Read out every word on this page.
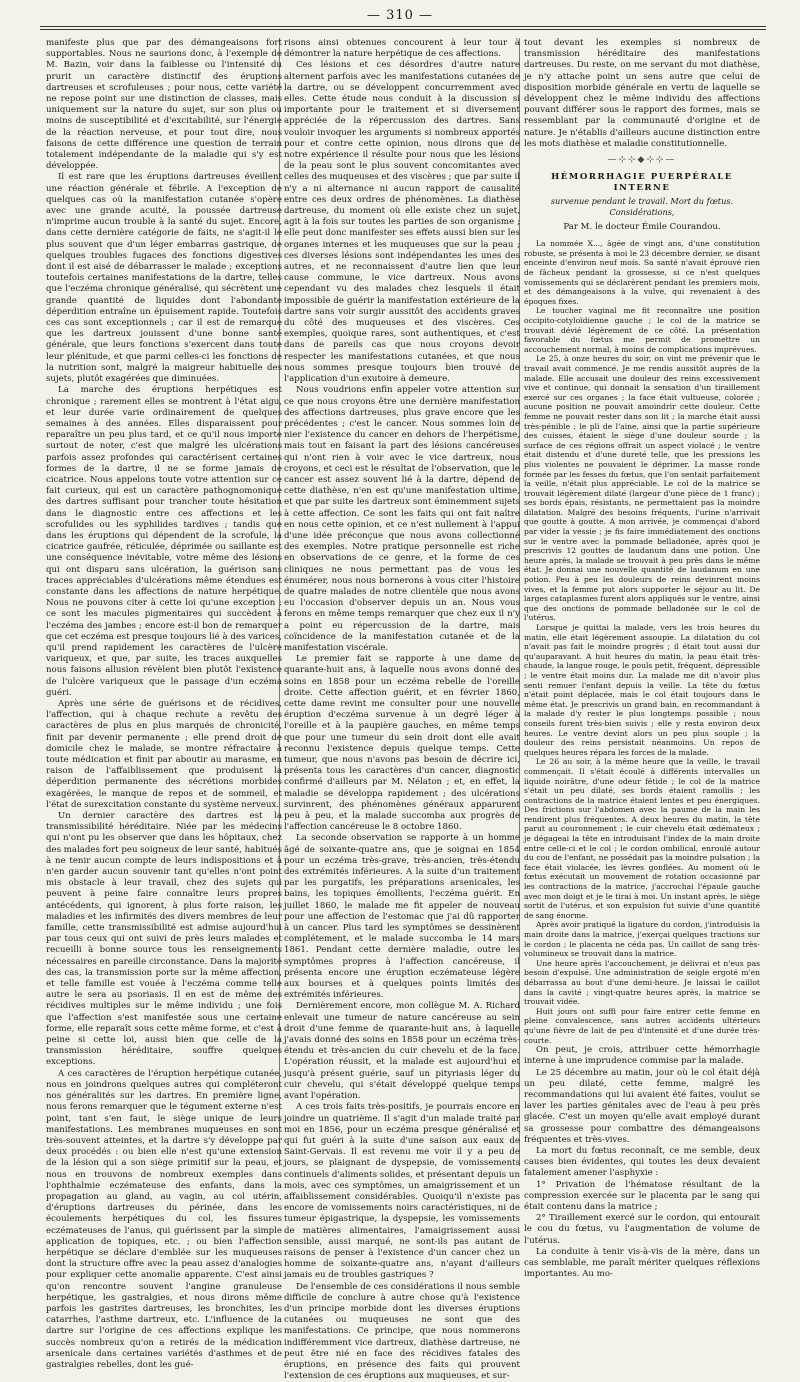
— 310 —

manifeste plus que par des démangeaisons fort supportables. Nous ne saurions donc, à l'exemple de M. Bazin, voir dans la faiblesse ou l'intensité du prurit un caractère distinctif des éruptions dartreuses et scrofuleuses ; pour nous, cette variété ne repose point sur une distinction de classes, mais uniquement sur la nature du sujet, sur son plus ou moins de susceptibilité et d'excitabilité, sur l'énergie de la réaction nerveuse, et pour tout dire, nous faisons de cette différence une question de terrain totalement indépendante de la maladie qui s'y est développée.

Il est rare que les éruptions dartreuses éveillent une réaction générale et fébrile. A l'exception de quelques cas où la manifestation cutanée s'opère avec une grande acuité, la poussée dartreuse n'imprime aucun trouble à la santé du sujet. Encore, dans cette dernière catégorie de faits, ne s'agit-il le plus souvent que d'un léger embarras gastrique, de quelques troubles fugaces des fonctions digestives dont il est aisé de débarrasser le malade ; exceptions toutefois certaines manifestations de la dartre, telles que l'eczéma chronique généralisé, qui sécrètent une grande quantité de liquides dont l'abondante déperdition entraîne un épuisement rapide. Toutefois ces cas sont exceptionnels ; car il est de remarque que les dartreux jouissent d'une bonne santé générale, que leurs fonctions s'exercent dans toute leur plénitude, et que parmi celles-ci les fonctions de la nutrition sont, malgré la maigreur habituelle des sujets, plutôt exagérées que diminuées.

La marche des éruptions herpétiques est chronique ; rarement elles se montrent à l'état aigu, et leur durée varie ordinairement de quelques semaines à des années. Elles disparaissent pour reparaître un peu plus tard, et ce qu'il nous importe surtout de noter, c'est que malgré les ulcérations parfois assez profondes qui caractérisent certaines formes de la dartre, il ne se forme jamais de cicatrice. Nous appelons toute votre attention sur ce fait curieux, qui est un caractère pathognomonique des dartres suffisant pour trancher toute hésitation dans le diagnostic entre ces affections et les scrofulides ou les syphilides tardives ; tandis que dans les éruptions qui dépendent de la scrofule, la cicatrice gaufrée, réticulée, déprimée ou saillante est une conséquence inévitable, votre même des lésions qui ont disparu sans ulcération, la guérison sans traces appréciables d'ulcérations même étendues est constante dans les affections de nature herpétique. Nous ne pouvons citer à cette loi qu'une exception : ce sont les macules pigmentaires qui succèdent à l'eczéma des jambes ; encore est-il bon de remarquer que cet eczéma est presque toujours lié à des varices, qu'il prend rapidement les caractères de l'ulcère variqueux, et que, par suite, les traces auxquelles nous faisons allusion révèlent bien plutôt l'existence de l'ulcère variqueux que le passage d'un eczéma guéri.

Après une série de guérisons et de récidives, l'affection, qui à chaque rechute a revêtu des caractères de plus en plus marqués de chronicité, finit par devenir permanente ; elle prend droit de domicile chez le malade, se montre réfractaire à toute médication et finit par aboutir au marasme, en raison de l'affaiblissement que produisent la déperdition permanente des sécrétions morbides exagérées, le manque de repos et de sommeil, et l'état de surexcitation constante du système nerveux.

Un dernier caractère des dartres est la transmissibilité héréditaire. Niée par les médecins qui n'ont pu les observer que dans les hôpitaux, chez des malades fort peu soigneux de leur santé, habitués à ne tenir aucun compte de leurs indispositions et à n'en garder aucun souvenir tant qu'elles n'ont point mis obstacle à leur travail, chez des sujets qui peuvent à peine faire connaître leurs propres antécédents, qui ignorent, à plus forte raison, les maladies et les infirmités des divers membres de leur famille, cette transmissibilité est admise aujourd'hui par tous ceux qui ont suivi de près leurs malades et recueilli à bonne source tous les renseignements nécessaires en pareille circonstance. Dans la majorité des cas, la transmission porte sur la même affection, et telle famille est vouée à l'eczéma comme telle autre le sera au psoriasis. Il en est de même des récidives multiples sur le même individu ; une fois que l'affection s'est manifestée sous une certaine forme, elle reparaît sous cette même forme, et c'est à peine si cette loi, aussi bien que celle de la transmission héréditaire, souffre quelques exceptions.

A ces caractères de l'éruption herpétique cutanée, nous en joindrons quelques autres qui compléteront nos généralités sur les dartres. En première ligne, nous ferons remarquer que le tégument externe n'est point, tant s'en faut, le siège unique de leurs manifestations. Les membranes muqueuses en sont très-souvent atteintes, et la dartre s'y développe par deux procédés : ou bien elle n'est qu'une extension de la lésion qui a son siège primitif sur la peau, et nous en trouvons de nombreux exemples dans l'ophthalmie eczémateuse des enfants, dans la propagation au gland, au vagin, au col utérin, d'éruptions dartreuses du périnée, dans les écoulements herpétiques du col, les fissures eczémateuses de l'anus, qui guérissent par la simple application de topiques, etc. ; ou bien l'affection herpétique se déclare d'emblée sur les muqueuses dont la structure offre avec la peau assez d'analogies pour expliquer cette anomalie apparente. C'est ainsi qu'on rencontre souvent l'angine granuleuse herpétique, les gastralgies, et nous dirons même parfois les gastrites dartreuses, les bronchites, les catarrhes, l'asthme dartreux, etc. L'influence de la dartre sur l'origine de ces affections explique les succès nombreux qu'on a retirés de la médication arsenicale dans certaines variétés d'asthmes et de gastralgies rebelles, dont les gué-

risons ainsi obtenues concourent à leur tour à démontrer la nature herpétique de ces affections.

Ces lésions et ces désordres d'autre nature alternent parfois avec les manifestations cutanées de la dartre, ou se développent concurremment avec elles. Cette étude nous conduit à la discussion si importante pour le traitement et si diversement appréciée de la répercussion des dartres. Sans vouloir invoquer les arguments si nombreux apportés pour et contre cette opinion, nous dirons que de notre expérience il résulte pour nous que les lésions de la peau sont le plus souvent concomitantes avec celles des muqueuses et des viscères ; que par suite il n'y a ni alternance ni aucun rapport de causalité entre ces deux ordres de phénomènes. La diathèse dartreuse, du moment où elle existe chez un sujet, agit à la fois sur toutes les parties de son organisme ; elle peut donc manifester ses effets aussi bien sur les organes internes et les muqueuses que sur la peau ; ces diverses lésions sont indépendantes les unes des autres, et ne reconnaissent d'autre lien que leur cause commune, le vice dartreux. Nous avons cependant vu des malades chez lesquels il était impossible de guérir la manifestation extérieure de la dartre sans voir surgir aussitôt des accidents graves du côté des muqueuses et des viscères. Ces exemples, quoique rares, sont authentiques, et c'est dans de pareils cas que nous croyons devoir respecter les manifestations cutanées, et que nous nous sommes presque toujours bien trouvé de l'application d'un exutoire à demeure.

Nous voudrions enfin appeler votre attention sur ce que nous croyons être une dernière manifestation des affections dartreuses, plus grave encore que les précédentes ; c'est le cancer. Nous sommes loin de nier l'existence du cancer en dehors de l'herpétisme, mais tout en faisant la part des lésions cancéreuses qui n'ont rien à voir avec le vice dartreux, nous croyons, et ceci est le résultat de l'observation, que le cancer est assez souvent lié à la dartre, dépend de cette diathèse, n'en est qu'une manifestation ultime, et que par suite les dartreux sont éminemment sujets à cette affection. Ce sont les faits qui ont fait naître en nous cette opinion, et ce n'est nullement à l'appui d'une idée préconçue que nous avons collectionné des exemples. Notre pratique personnelle est riche en observations de ce genre, et la forme de ces cliniques ne nous permettant pas de vous les énumérer, nous nous bornerons à vous citer l'histoire de quatre malades de notre clientèle que nous avons eu l'occasion d'observer depuis un an. Nous vous ferons en même temps remarquer que chez eux il n'y a point eu répercussion de la dartre, mais coïncidence de la manifestation cutanée et de la manifestation viscérale.

Le premier fait se rapporte à une dame de quarante-huit ans, à laquelle nous avons donné des soins en 1858 pour un eczéma rebelle de l'oreille droite. Cette affection guérit, et en février 1860, cette dame revint me consulter pour une nouvelle éruption d'eczéma survenue à un degré léger à l'oreille et à la paupière gauches, en même temps que pour une tumeur du sein droit dont elle avait reconnu l'existence depuis quelque temps. Cette tumeur, que nous n'avons pas besoin de décrire ici, présenta tous les caractères d'un cancer, diagnostic confirmé d'ailleurs par M. Nélaton ; et, en effet, la maladie se développa rapidement ; des ulcérations survinrent, des phénomènes généraux apparurent peu à peu, et la malade succomba aux progrès de l'affection cancéreuse le 8 octobre 1860.

La seconde observation se rapporte à un homme âgé de soixante-quatre ans, que je soignai en 1854 pour un eczéma très-grave, très-ancien, très-étendu des extrémités inférieures. A la suite d'un traitement par les purgatifs, les préparations arsenicales, les bains, les topiques émollients, l'eczéma guérit. En juillet 1860, le malade me fit appeler de nouveau pour une affection de l'estomac que j'ai dû rapporter à un cancer. Plus tard les symptômes se dessinèrent complétement, et le malade succomba le 14 mars 1861. Pendant cette dernière maladie, outre les symptômes propres à l'affection cancéreuse, il présenta encore une éruption eczémateuse légère aux bourses et à quelques points limités des extrémités inférieures.

Dernièrement encore, mon collègue M. A. Richard enlevait une tumeur de nature cancéreuse au sein droit d'une femme de quarante-huit ans, à laquelle j'avais donné des soins en 1858 pour un eczéma très-étendu et très-ancien du cuir chevelu et de la face. L'opération réussit, et la malade est aujourd'hui et jusqu'à présent guérie, sauf un pityriasis léger du cuir chevelu, qui s'était développé quelque temps avant l'opération.

A ces trois faits très-positifs, je pourrais encore en joindre un quatrième. Il s'agit d'un malade traité par moi en 1856, pour un eczéma presque généralisé et qui fut guéri à la suite d'une saison aux eaux de Saint-Gervais. Il est revenu me voir il y a peu de jours, se plaignant de dyspepsie, de vomissements continuels d'aliments solides, et présentant depuis un mois, avec ces symptômes, un amaigrissement et un affaiblissement considérables. Quoiqu'il n'existe pas encore de vomissements noirs caractéristiques, ni de tumeur épigastrique, la dyspepsie, les vomissements de matières alimentaires, l'amaigrissement aussi sensible, aussi marqué, ne sont-ils pas autant de raisons de penser à l'existence d'un cancer chez un homme de soixante-quatre ans, n'ayant d'ailleurs jamais eu de troubles gastriques ?

De l'ensemble de ces considérations il nous semble difficile de conclure à autre chose qu'à l'existence d'un principe morbide dont les diverses éruptions cutanées ou muqueuses ne sont que des manifestations. Ce principe, que nous nommerons indifféremment vice dartreux, diathèse dartreuse, ne peut être nié en face des récidives fatales des éruptions, en présence des faits qui prouvent l'extension de ces éruptions aux muqueuses, et sur-

tout devant les exemples si nombreux de transmission héréditaire des manifestations dartreuses. Du reste, on me servant du mot diathèse, je n'y attache point un sens autre que celui de disposition morbide générale en vertu de laquelle se développent chez le même individu des affections pouvant différer sous le rapport des formes, mais se ressemblant par la communauté d'origine et de nature. Je n'établis d'ailleurs aucune distinction entre les mots diathèse et maladie constitutionnelle.

—⊹⊹◆⊹⊹—
HÉMORRHAGIE PUERPÉRALE INTERNE
survenue pendant le travail. Mort du fœtus. Considérations,
Par M. le docteur Émile Courandou.

La nommée X..., âgée de vingt ans, d'une constitution robuste, se présenta à moi le 23 décembre dernier, se disant enceinte d'environ neuf mois. Sa santé n'avait éprouvé rien de fâcheux pendant la grossesse, si ce n'est quelques vomissements qui se déclarèrent pendant les premiers mois, et des démangeaisons à la vulve, qui revenaient à des époques fixes.

Le toucher vaginal me fit reconnaître une position occipito-cotyloïdienne gauche ; le col de la matrice se trouvait dévié légèrement de ce côté. La présentation favorable du fœtus me permit de promettre un accouchement normal, à moins de complications imprévues.

Le 25, à onze heures du soir, on vint me prévenir que le travail avait commencé. Je me rendis aussitôt auprès de la malade. Elle accusait une douleur des reins excessivement vive et continue, qui donnait la sensation d'un tiraillement exercé sur ces organes ; la face était vultueuse, colorée ; aucune position ne pouvait amoindrir cette douleur. Cette femme ne pouvait rester dans son lit ; la marche était aussi très-pénible ; le pli de l'aine, ainsi que la partie supérieure des cuisses, étaient le siège d'une douleur sourde ; la surface de ces régions offrait un aspect violacé ; le ventre était distendu et d'une dureté telle, que les pressions les plus violentes ne pouvaient le déprimer. La masse ronde formée par les fesses du fœtus, que l'on sentait parfaitement la veille, n'était plus appréciable. Le col de la matrice se trouvait légèrement dilaté (largeur d'une pièce de 1 franc) ; ses bords épais, résistants, ne permettaient pas la moindre dilatation. Malgré des besoins fréquents, l'urine n'arrivait que goutte à goutte. A mon arrivée, je commençai d'abord par vider la vessie ; je fis faire immédiatement des onctions sur le ventre avec la pommade belladonée, après quoi je prescrivis 12 gouttes de laudanum dans une potion. Une heure après, la malade se trouvait à peu près dans le même état. Je donnai une nouvelle quantité de laudanum en une potion. Peu à peu les douleurs de reins devinrent moins vives, et la femme put alors supporter le séjour au lit. De larges cataplasmes furent alors appliqués sur le ventre, ainsi que des onctions de pommade belladonée sur le col de l'utérus.

Lorsque je quittai la malade, vers les trois heures du matin, elle était légèrement assoupie. La dilatation du col n'avait pas fait le moindre progrès ; il était tout aussi dur qu'auparavant. A huit heures du matin, la peau était très-chaude, la langue rouge, le pouls petit, fréquent, dépressible ; le ventre était moins dur. La malade me dit n'avoir plus senti remuer l'enfant depuis la veille. La tête du fœtus n'était point déplacée, mais le col était toujours dans le même état. Je prescrivis un grand bain, en recommandant à la malade d'y rester le plus longtemps possible ; nous conseils furent très-bien suivis ; elle y resta environ deux heures. Le ventre devint alors un peu plus souple ; la douleur des reins persistait néanmoins. Un repos de quelques heures répara les forces de la malade.

Le 26 au soir, à la même heure que la veille, le travail commençait. Il s'était écoulé à différents intervalles un liquide noirâtre, d'une odeur fétide ; le col de la matrice s'était un peu dilaté, ses bords étaient ramollis ; les contractions de la matrice étaient lentes et peu énergiques. Des frictions sur l'abdomen avec la paume de la main les rendirent plus fréquentes. A deux heures du matin, la tête parut au couronnement ; le cuir chevelu était œdémateux ; je dégageai la tête en introduisant l'index de la main droite entre celle-ci et le col ; le cordon ombilical, enroulé autour du cou de l'enfant, ne possédait pas la moindre pulsation ; la face était violacée, les lèvres gonflées. Au moment où le fœtus exécutait un mouvement de rotation occasionné par les contractions de la matrice, j'accrochai l'épaule gauche avec mon doigt et je le tirai à moi. Un instant après, le siège sortit de l'utérus, et son expulsion fut suivie d'une quantité de sang énorme.

Après avoir pratiqué la ligature du cordon, j'introduisis la main droite dans la matrice, j'exerçai quelques tractions sur le cordon ; le placenta ne céda pas. Un caillot de sang très-volumineux se trouvait dans la matrice.

Une heure après l'accouchement, je délivrai et n'eus pas besoin d'expulsé. Une administration de seigle ergoté m'en débarrassa au bout d'une demi-heure. Je laissai le caillot dans la cavité ; vingt-quatre heures après, la matrice se trouvait vidée.

Huit jours ont suffi pour faire entrer cette femme en pleine convalescence, sans autres accidents ultérieurs qu'une fièvre de lait de peu d'intensité et d'une durée très-courte.

On peut, je crois, attribuer cette hémorrhagie interne à une imprudence commise par la malade.

Le 25 décembre au matin, jour où le col était déjà un peu dilaté, cette femme, malgré les recommandations qui lui avaient été faites, voulut se laver les parties génitales avec de l'eau à peu près glacée. C'est un moyen qu'elle avait employé durant sa grossesse pour combattre des démangeaisons fréquentes et très-vives.

La mort du fœtus reconnaît, ce me semble, deux causes bien évidentes, qui toutes les deux devaient fatalement amener l'asphyxie :

1° Privation de l'hématose résultant de la compression exercée sur le placenta par le sang qui était contenu dans la matrice ;

2° Tiraillement exercé sur le cordon, qui entourait le cou du fœtus, vu l'augmentation de volume de l'utérus.

La conduite à tenir vis-à-vis de la mère, dans un cas semblable, me paraît mériter quelques réflexions importantes. Au mo-
